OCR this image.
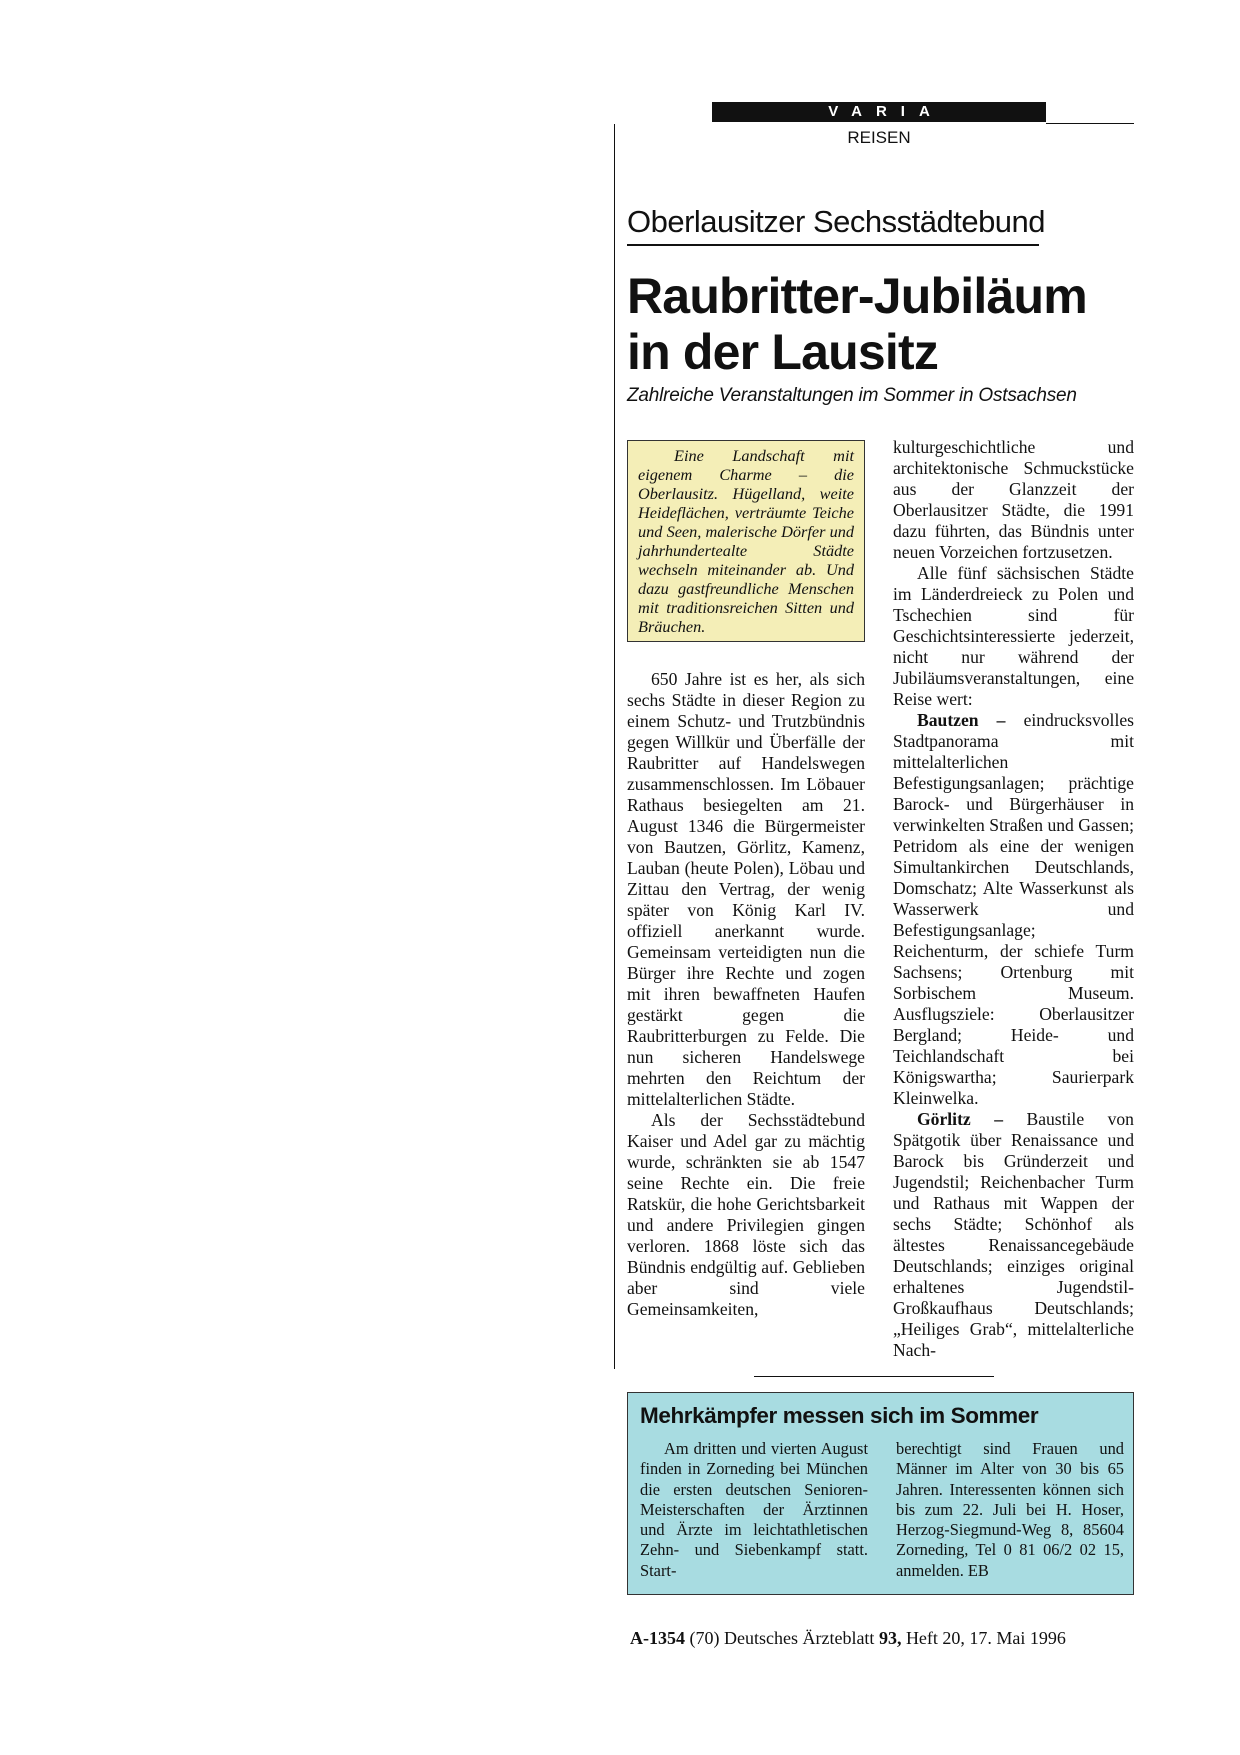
VARIA
REISEN
Oberlausitzer Sechsstädtebund
Raubritter-Jubiläum
in der Lausitz
Zahlreiche Veranstaltungen im Sommer in Ostsachsen

Eine Landschaft mit eigenem Charme – die Oberlausitz. Hügelland, weite Heideflächen, verträumte Teiche und Seen, malerische Dörfer und jahrhundertealte Städte wechseln miteinander ab. Und dazu gastfreundliche Menschen mit traditionsreichen Sitten und Bräuchen.

650 Jahre ist es her, als sich sechs Städte in dieser Region zu einem Schutz- und Trutzbündnis gegen Willkür und Überfälle der Raubritter auf Handelswegen zusammenschlossen. Im Löbauer Rathaus besiegelten am 21. August 1346 die Bürgermeister von Bautzen, Görlitz, Kamenz, Lauban (heute Polen), Löbau und Zittau den Vertrag, der wenig später von König Karl IV. offiziell anerkannt wurde. Gemeinsam verteidigten nun die Bürger ihre Rechte und zogen mit ihren bewaffneten Haufen gestärkt gegen die Raubritterburgen zu Felde. Die nun sicheren Handelswege mehrten den Reichtum der mittelalterlichen Städte.

Als der Sechsstädtebund Kaiser und Adel gar zu mächtig wurde, schränkten sie ab 1547 seine Rechte ein. Die freie Ratskür, die hohe Gerichtsbarkeit und andere Privilegien gingen verloren. 1868 löste sich das Bündnis endgültig auf. Geblieben aber sind viele Gemeinsamkeiten,

kulturgeschichtliche und architektonische Schmuckstücke aus der Glanzzeit der Oberlausitzer Städte, die 1991 dazu führten, das Bündnis unter neuen Vorzeichen fortzusetzen.

Alle fünf sächsischen Städte im Länderdreieck zu Polen und Tschechien sind für Geschichtsinteressierte jederzeit, nicht nur während der Jubiläumsveranstaltungen, eine Reise wert:

Bautzen – eindrucksvolles Stadtpanorama mit mittelalterlichen Befestigungsanlagen; prächtige Barock- und Bürgerhäuser in verwinkelten Straßen und Gassen; Petridom als eine der wenigen Simultankirchen Deutschlands, Domschatz; Alte Wasserkunst als Wasserwerk und Befestigungsanlage; Reichenturm, der schiefe Turm Sachsens; Ortenburg mit Sorbischem Museum. Ausflugsziele: Oberlausitzer Bergland; Heide- und Teichlandschaft bei Königswartha; Saurierpark Kleinwelka.

Görlitz – Baustile von Spätgotik über Renaissance und Barock bis Gründerzeit und Jugendstil; Reichenbacher Turm und Rathaus mit Wappen der sechs Städte; Schönhof als ältestes Renaissancegebäude Deutschlands; einziges original erhaltenes Jugendstil-Großkaufhaus Deutschlands; „Heiliges Grab“, mittelalterliche Nach-

Mehrkämpfer messen sich im Sommer

Am dritten und vierten August finden in Zorneding bei München die ersten deutschen Senioren-Meisterschaften der Ärztinnen und Ärzte im leichtathletischen Zehn- und Siebenkampf statt. Start-

berechtigt sind Frauen und Männer im Alter von 30 bis 65 Jahren. Interessenten können sich bis zum 22. Juli bei H. Hoser, Herzog-Siegmund-Weg 8, 85604 Zorneding, Tel 0 81 06/2 02 15, anmelden. EB

A-1354 (70) Deutsches Ärzteblatt 93, Heft 20, 17. Mai 1996
